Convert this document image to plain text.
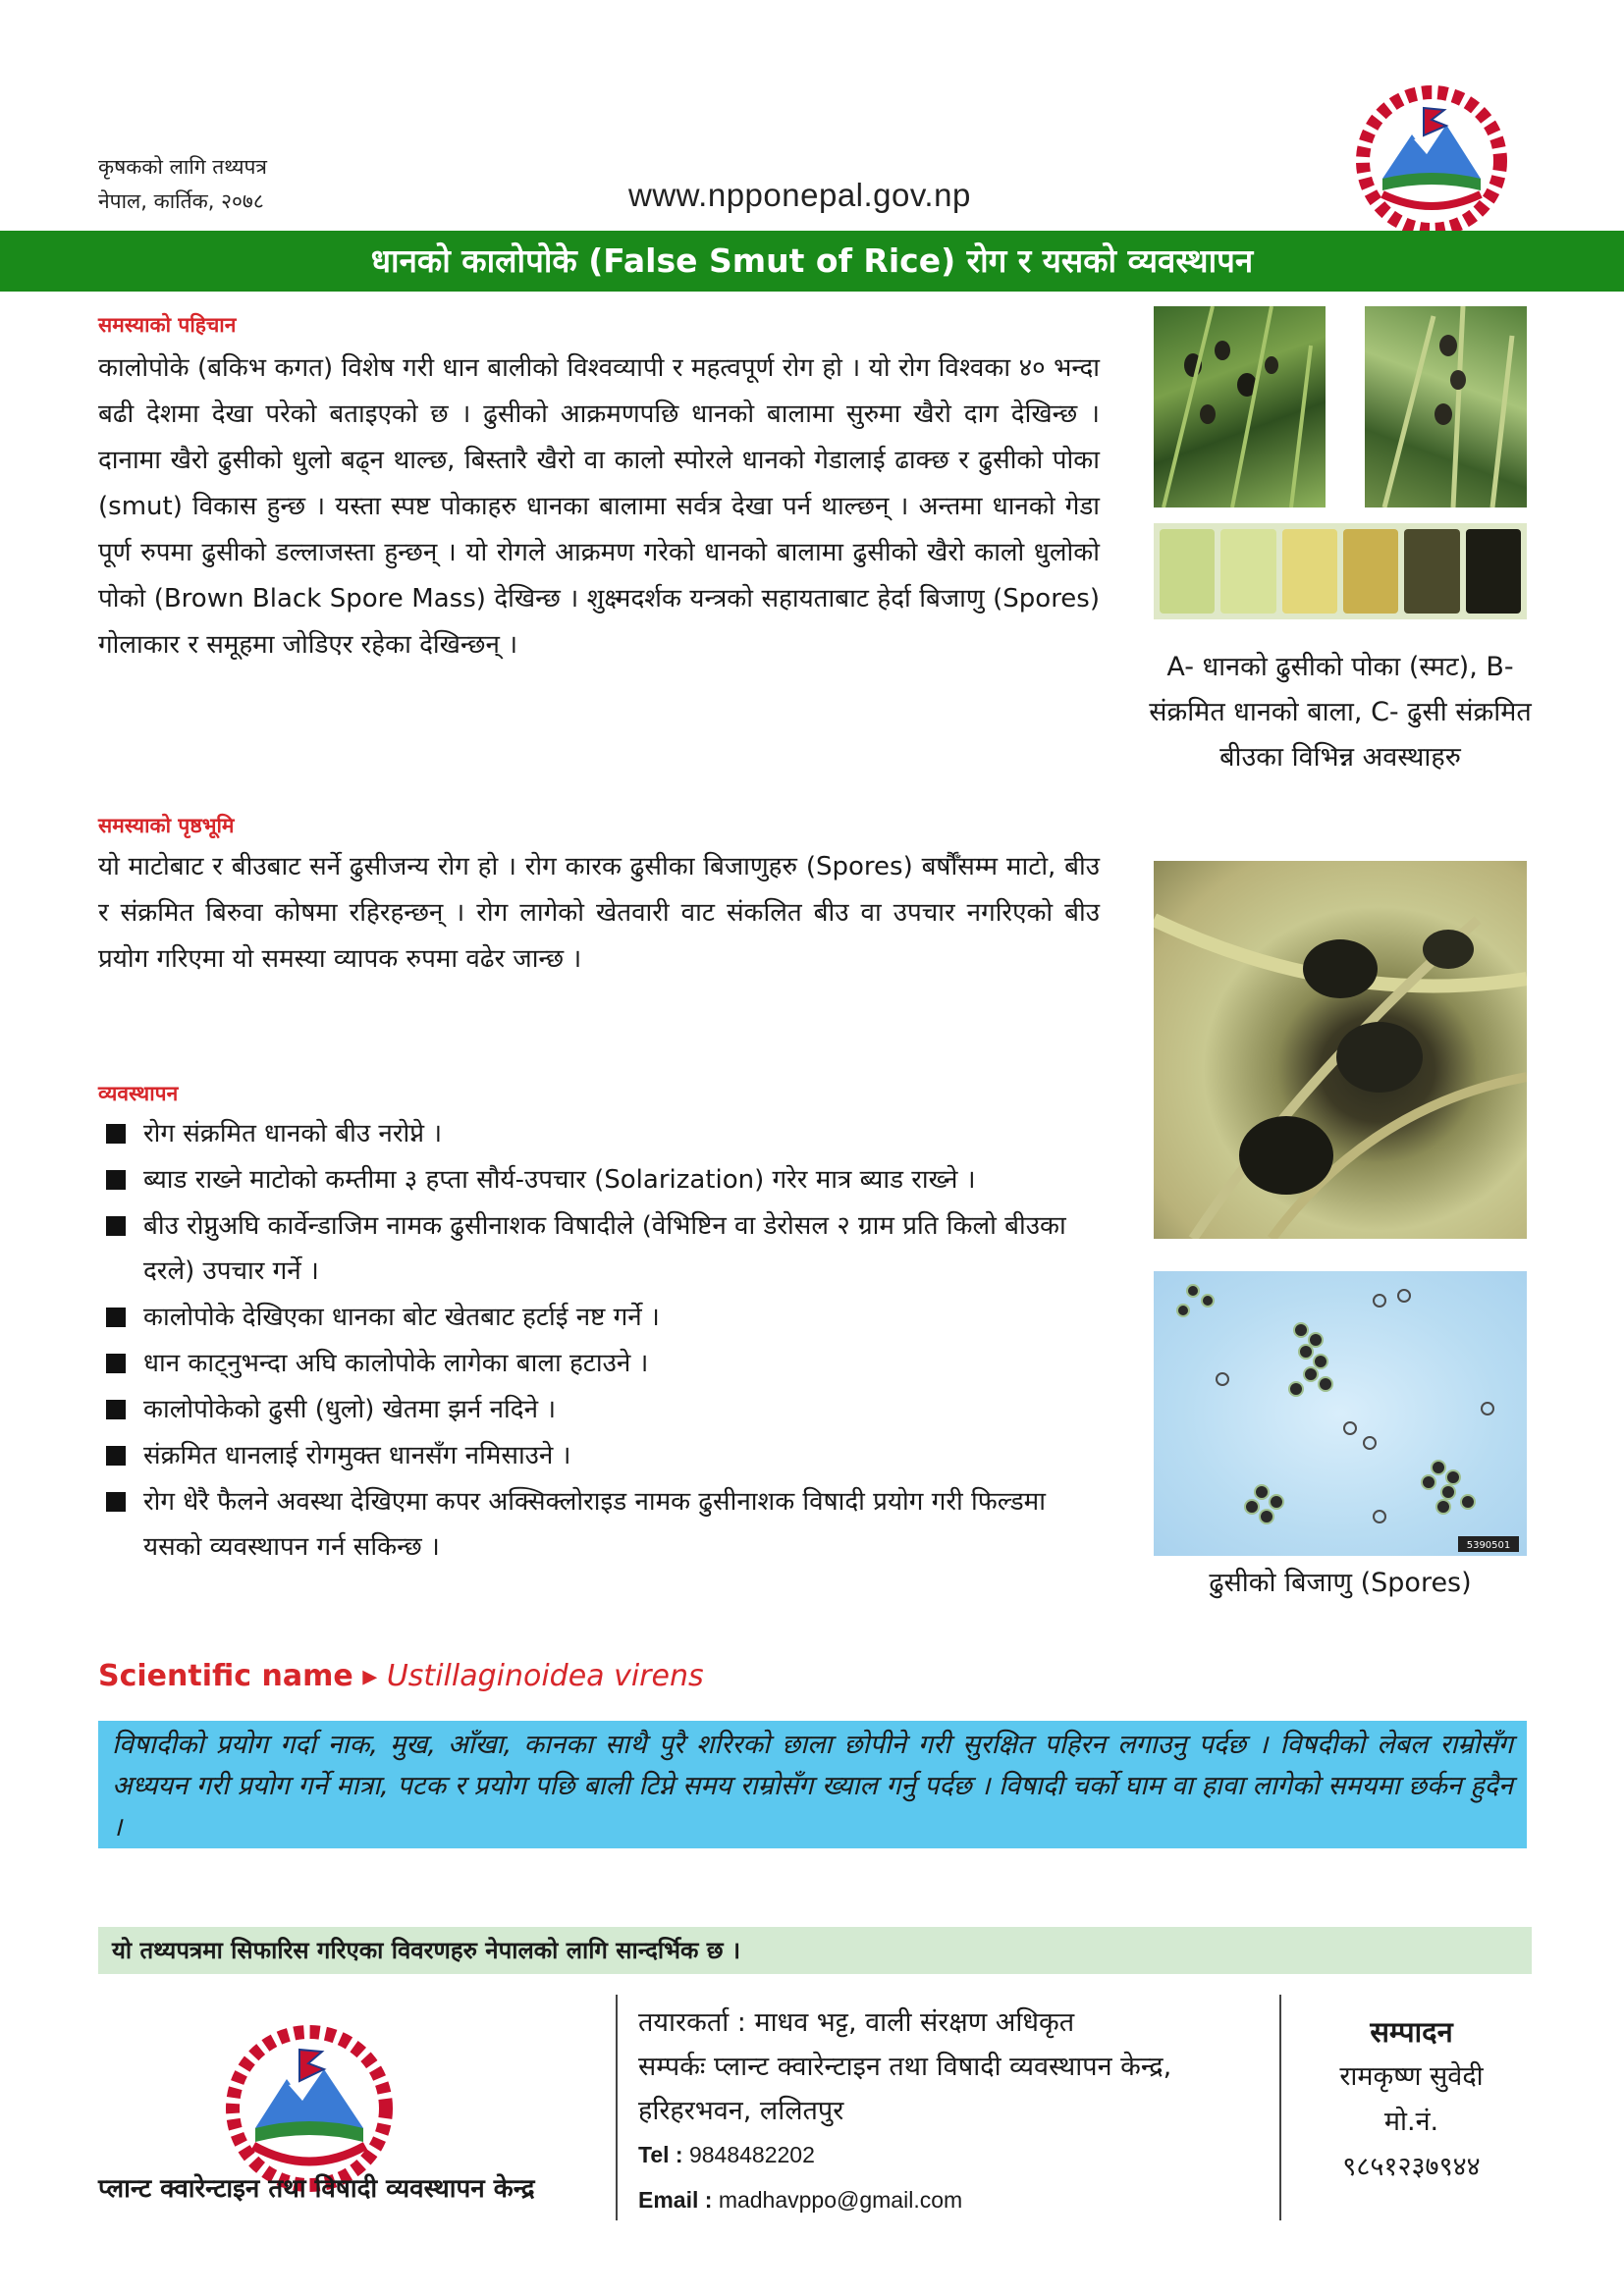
कृषकको लागि तथ्यपत्र
नेपाल, कार्तिक, २०७८	www.npponepal.gov.np
धानको कालोपोके (False Smut of Rice) रोग र यसको व्यवस्थापन
समस्याको पहिचान
कालोपोके (बकिभ कगत) विशेष गरी धान बालीको विश्वव्यापी र महत्वपूर्ण रोग हो । यो रोग विश्वका ४० भन्दा बढी देशमा देखा परेको बताइएको छ । ढुसीको आक्रमणपछि धानको बालामा सुरुमा खैरो दाग देखिन्छ । दानामा खैरो ढुसीको धुलो बढ्न थाल्छ, बिस्तारै खैरो वा कालो स्पोरले धानको गेडालाई ढाक्छ र ढुसीको पोका (smut) विकास हुन्छ । यस्ता स्पष्ट पोकाहरु धानका बालामा सर्वत्र देखा पर्न थाल्छन् । अन्तमा धानको गेडा पूर्ण रुपमा ढुसीको डल्लाजस्ता हुन्छन् । यो रोगले आक्रमण गरेको धानको बालामा ढुसीको खैरो कालो धुलोको पोको (Brown Black Spore Mass) देखिन्छ । शुक्ष्मदर्शक यन्त्रको सहायताबाट हेर्दा बिजाणु (Spores) गोलाकार र समूहमा जोडिएर रहेका देखिन्छन् ।
समस्याको पृष्ठभूमि
यो माटोबाट र बीउबाट सर्ने ढुसीजन्य रोग हो । रोग कारक ढुसीका बिजाणुहरु (Spores) बर्षौँसम्म माटो, बीउ र संक्रमित बिरुवा कोषमा रहिरहन्छन् । रोग लागेको खेतवारी वाट संकलित बीउ वा उपचार नगरिएको बीउ प्रयोग गरिएमा यो समस्या व्यापक रुपमा वढेर जान्छ ।
व्यवस्थापन
रोग संक्रमित धानको बीउ नरोप्ने ।
ब्याड राख्ने माटोको कम्तीमा ३ हप्ता सौर्य-उपचार (Solarization) गरेर मात्र ब्याड राख्ने ।
बीउ रोप्नुअघि कार्वेन्डाजिम नामक ढुसीनाशक विषादीले (वेभिष्टिन वा डेरोसल २ ग्राम प्रति किलो बीउका दरले) उपचार गर्ने ।
कालोपोके देखिएका धानका बोट खेतबाट हर्टाई नष्ट गर्ने ।
धान काट्नुभन्दा अघि कालोपोके लागेका बाला हटाउने ।
कालोपोकेको ढुसी (धुलो) खेतमा झर्न नदिने ।
संक्रमित धानलाई रोगमुक्त धानसँग नमिसाउने ।
रोग धेरै फैलने अवस्था देखिएमा कपर अक्सिक्लोराइड नामक ढुसीनाशक विषादी प्रयोग गरी फिल्डमा यसको व्यवस्थापन गर्न सकिन्छ ।
A- धानको ढुसीको पोका (स्मट), B- संक्रमित धानको बाला, C- ढुसी संक्रमित बीउका विभिन्न अवस्थाहरु
5390501
ढुसीको बिजाणु (Spores)
Scientific name ▸ Ustillaginoidea virens
विषादीको प्रयोग गर्दा नाक, मुख, आँखा, कानका साथै पुरै शरिरको छाला छोपीने गरी सुरक्षित पहिरन लगाउनु पर्दछ । विषदीको लेबल राम्रोसँग अध्ययन गरी प्रयोग गर्ने मात्रा, पटक र प्रयोग पछि बाली टिप्ने समय राम्रोसँग ख्याल गर्नु पर्दछ । विषादी चर्को घाम वा हावा लागेको समयमा छर्कन हुदैन ।
यो तथ्यपत्रमा सिफारिस गरिएका विवरणहरु नेपालको लागि सान्दर्भिक छ ।
प्लान्ट क्वारेन्टाइन तथा विषादी व्यवस्थापन केन्द्र
तयारकर्ता : माधव भट्ट, वाली संरक्षण अधिकृत
सम्पर्कः प्लान्ट क्वारेन्टाइन तथा विषादी व्यवस्थापन केन्द्र,
हरिहरभवन, ललितपुर
Tel : 9848482202
Email : madhavppo@gmail.com
सम्पादन
रामकृष्ण सुवेदी
मो.नं.
९८५१२३७९४४
